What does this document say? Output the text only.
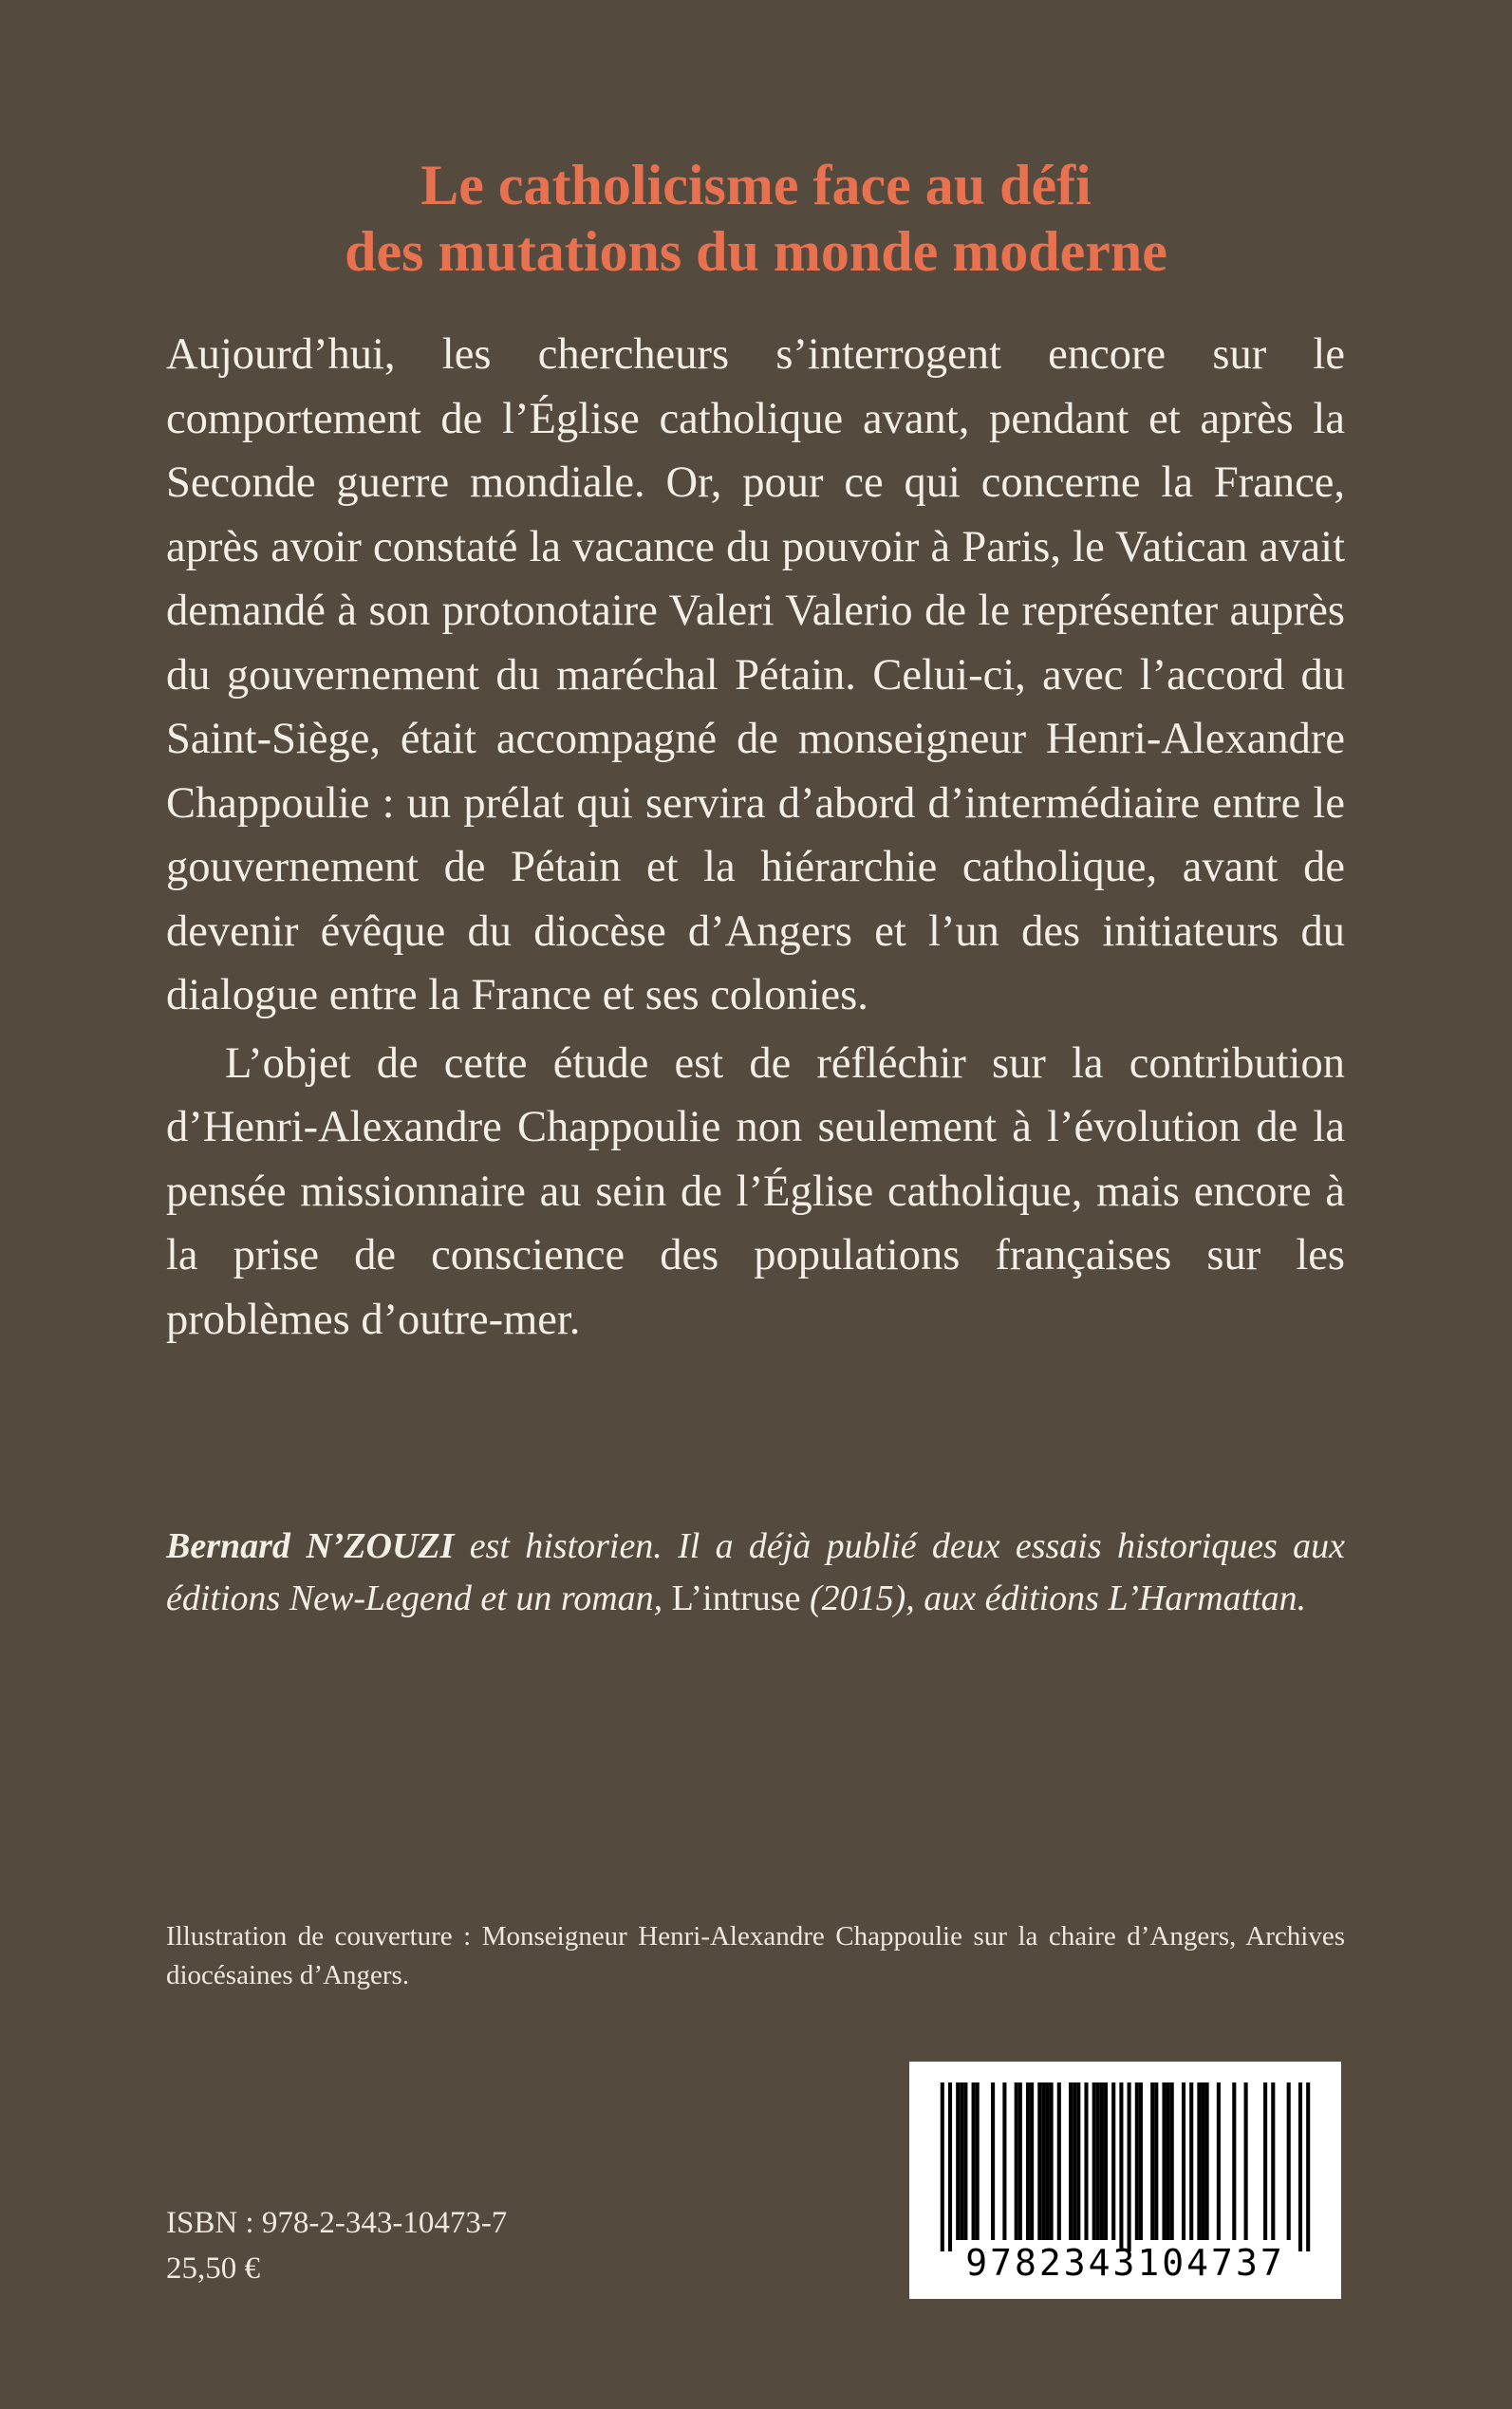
Le catholicisme face au défi
des mutations du monde moderne

Aujourd’hui, les chercheurs s’interrogent encore sur le comportement de l’Église catholique avant, pendant et après la Seconde guerre mondiale. Or, pour ce qui concerne la France, après avoir constaté la vacance du pouvoir à Paris, le Vatican avait demandé à son protonotaire Valeri Valerio de le représenter auprès du gouvernement du maréchal Pétain. Celui-ci, avec l’accord du Saint-Siège, était accompagné de monseigneur Henri-Alexandre Chappoulie : un prélat qui servira d’abord d’intermédiaire entre le gouvernement de Pétain et la hiérarchie catholique, avant de devenir évêque du diocèse d’Angers et l’un des initiateurs du dialogue entre la France et ses colonies.

L’objet de cette étude est de réfléchir sur la contribution d’Henri-Alexandre Chappoulie non seulement à l’évolution de la pensée missionnaire au sein de l’Église catholique, mais encore à la prise de conscience des populations françaises sur les problèmes d’outre-mer.

Bernard N’ZOUZI est historien. Il a déjà publié deux essais historiques aux éditions New-Legend et un roman, L’intruse (2015), aux éditions L’Harmattan.
Illustration de couverture : Monseigneur Henri-Alexandre Chappoulie sur la chaire d’Angers, Archives diocésaines d’Angers.
ISBN : 978-2-343-10473-7
25,50 €	9782343104737
